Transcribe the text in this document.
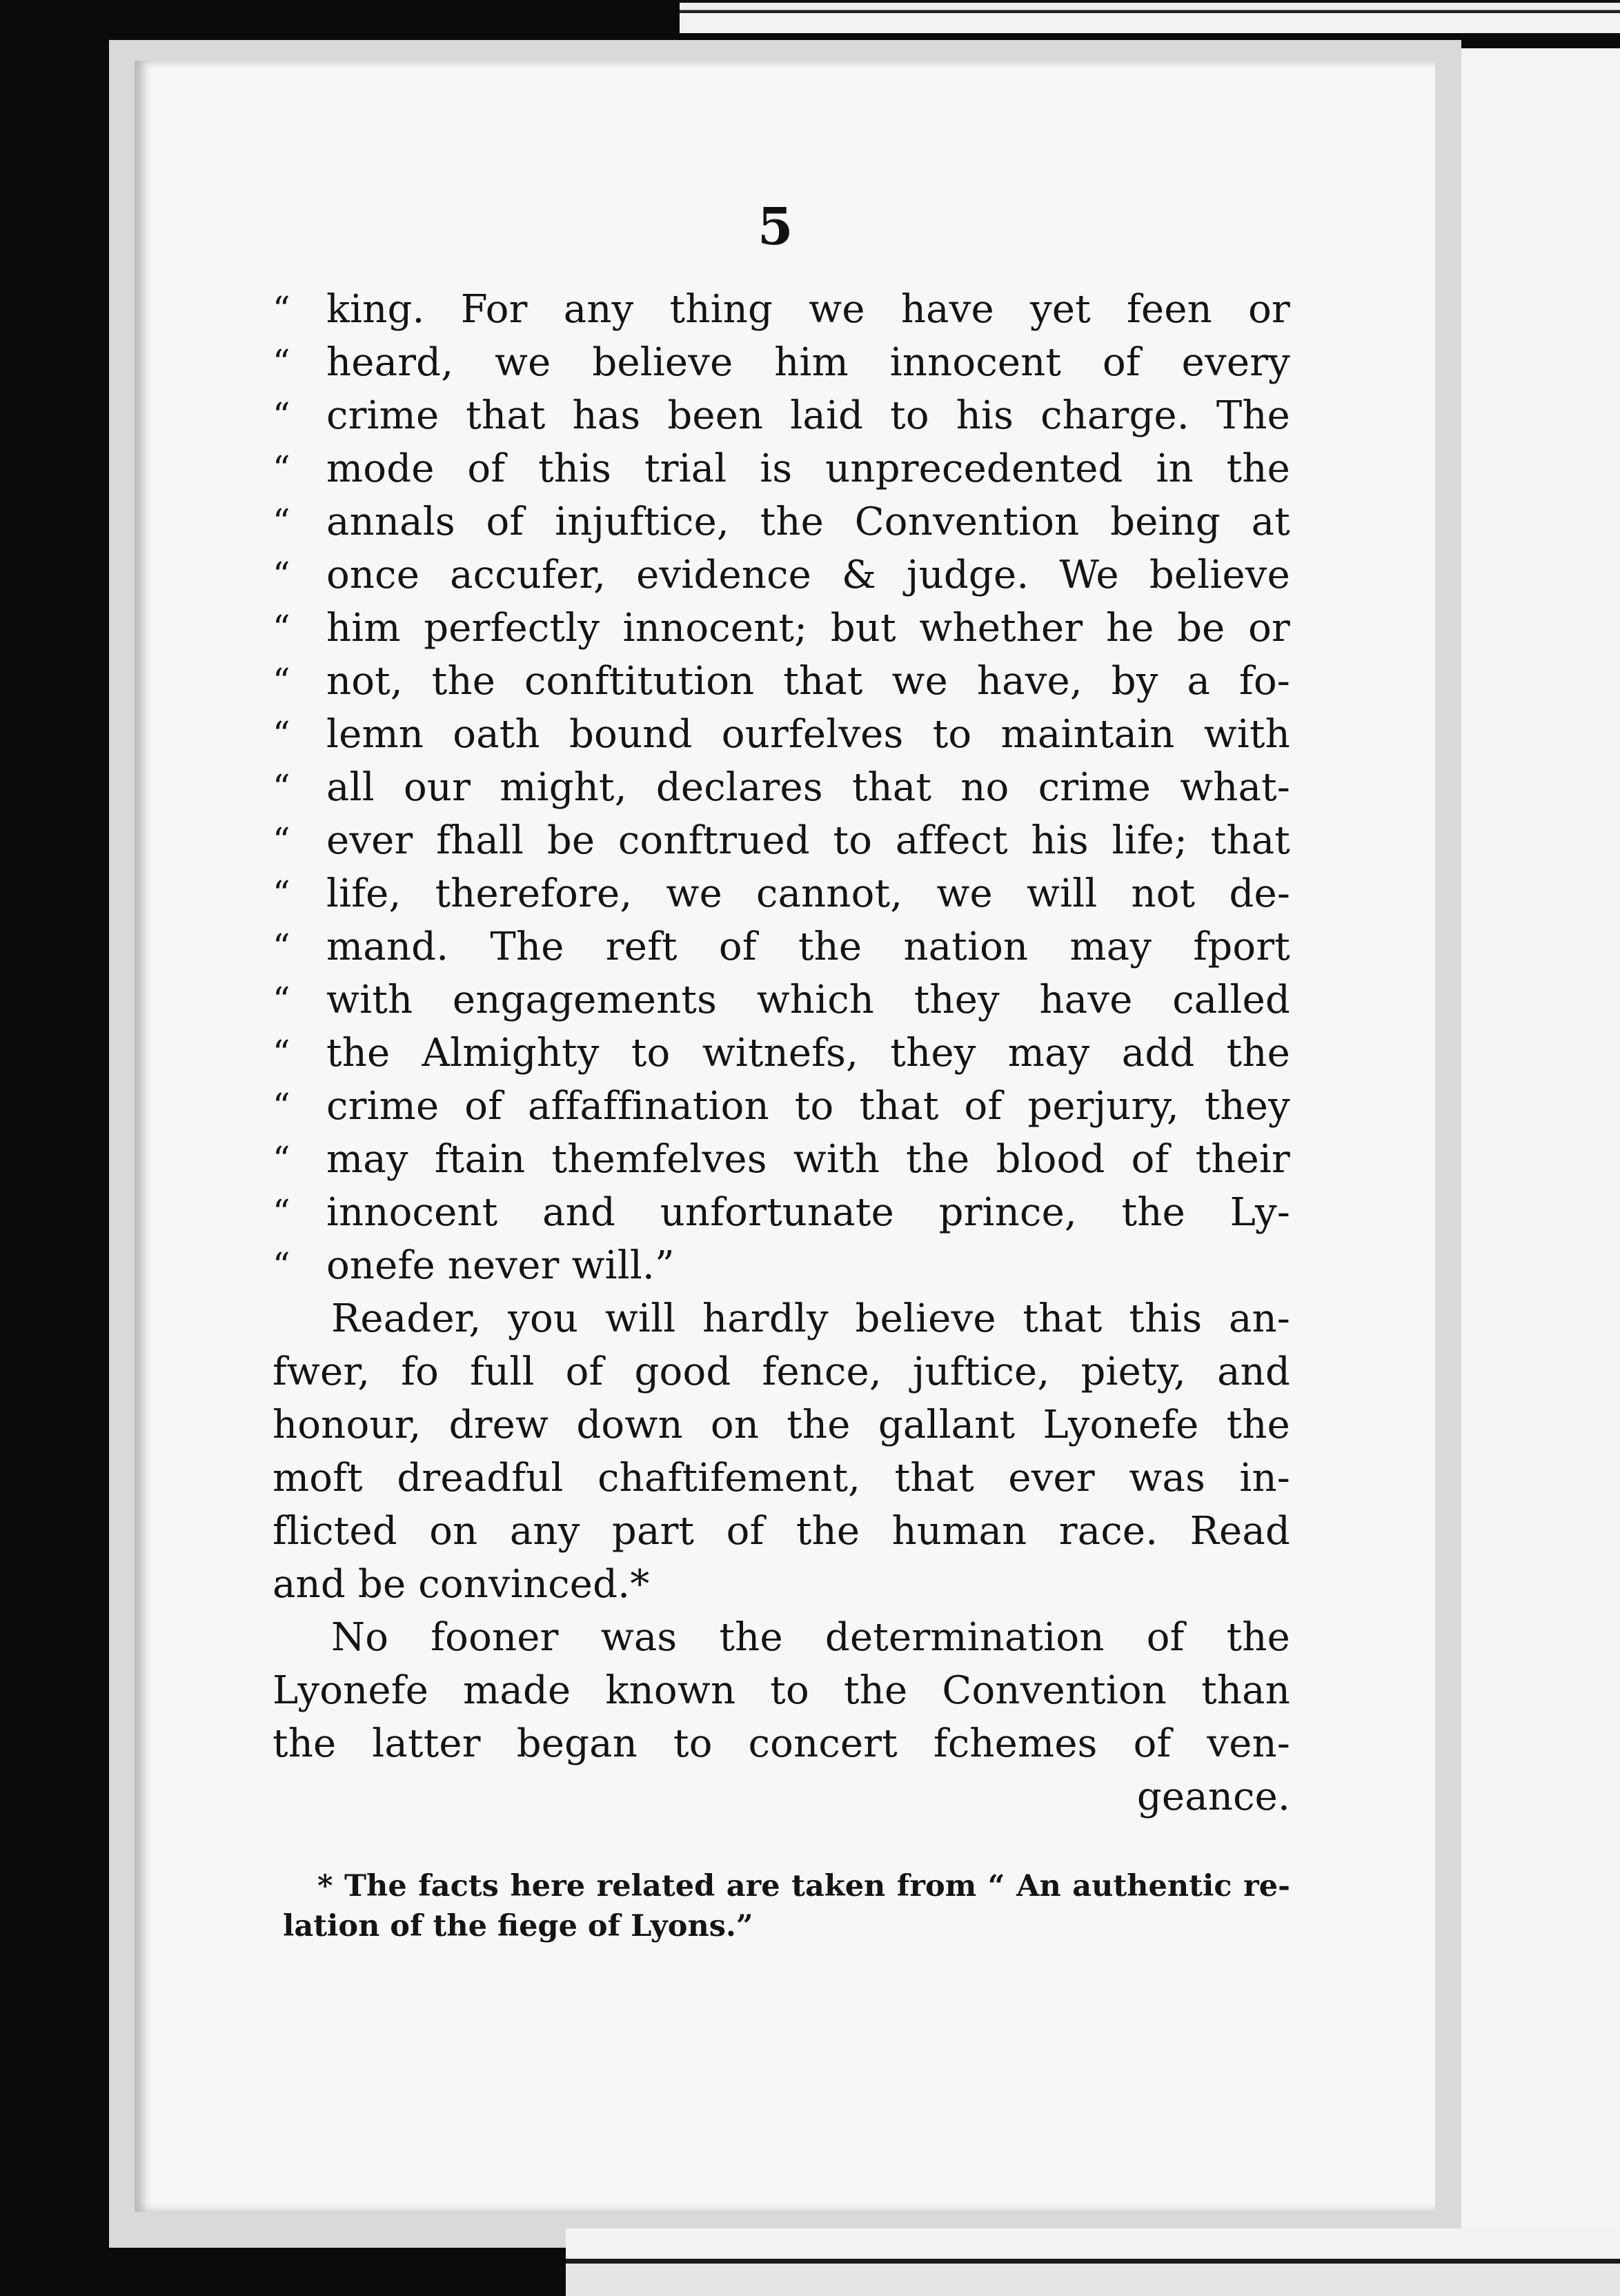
5
“ king. For any thing we have yet feen or
“ heard, we believe him innocent of every
“ crime that has been laid to his charge. The
“ mode of this trial is unprecedented in the
“ annals of injuftice, the Convention being at
“ once accufer, evidence & judge. We believe
“ him perfectly innocent; but whether he be or
“ not, the conftitution that we have, by a fo-
“ lemn oath bound ourfelves to maintain with
“ all our might, declares that no crime what-
“ ever fhall be conftrued to affect his life; that
“ life, therefore, we cannot, we will not de-
“ mand. The reft of the nation may fport
“ with engagements which they have called
“ the Almighty to witnefs, they may add the
“ crime of affaffination to that of perjury, they
“ may ftain themfelves with the blood of their
“ innocent and unfortunate prince, the Ly-
“ onefe never will.”
Reader, you will hardly believe that this an-
fwer, fo full of good fence, juftice, piety, and
honour, drew down on the gallant Lyonefe the
moft dreadful chaftifement, that ever was in-
flicted on any part of the human race. Read
and be convinced.*
No fooner was the determination of the
Lyonefe made known to the Convention than
the latter began to concert fchemes of ven-
geance.
* The facts here related are taken from “ An authentic re-
lation of the fiege of Lyons.”
